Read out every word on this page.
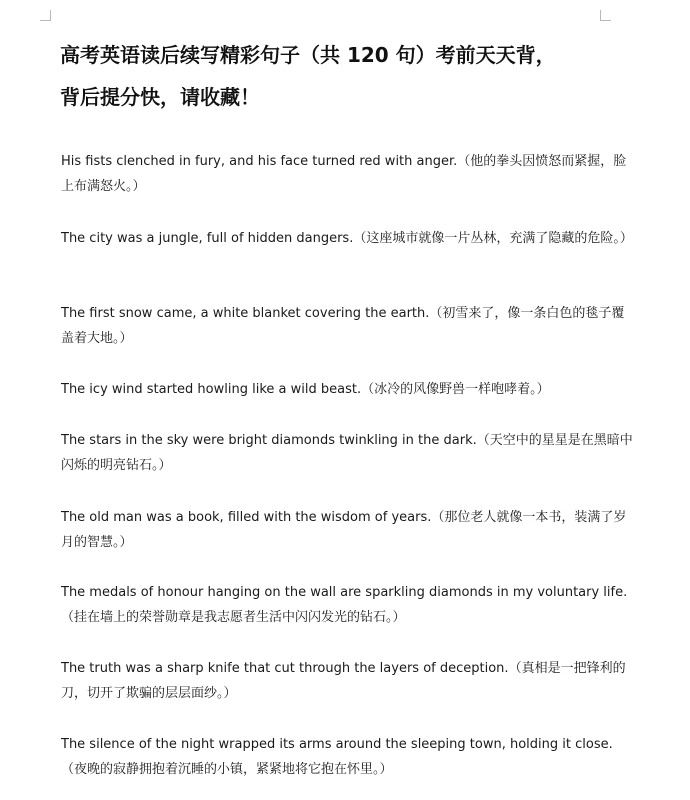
高考英语读后续写精彩句子（共 120 句）考前天天背，
背后提分快，请收藏！

His fists clenched in fury, and his face turned red with anger.（他的拳头因愤怒而紧握，脸上布满怒火。）

The city was a jungle, full of hidden dangers.（这座城市就像一片丛林，充满了隐藏的危险。）

The first snow came, a white blanket covering the earth.（初雪来了，像一条白色的毯子覆盖着大地。）

The icy wind started howling like a wild beast.（冰冷的风像野兽一样咆哮着。）

The stars in the sky were bright diamonds twinkling in the dark.（天空中的星星是在黑暗中闪烁的明亮钻石。）

The old man was a book, filled with the wisdom of years.（那位老人就像一本书，装满了岁月的智慧。）

The medals of honour hanging on the wall are sparkling diamonds in my voluntary life.（挂在墙上的荣誉勋章是我志愿者生活中闪闪发光的钻石。）

The truth was a sharp knife that cut through the layers of deception.（真相是一把锋利的刀，切开了欺骗的层层面纱。）

The silence of the night wrapped its arms around the sleeping town, holding it close.（夜晚的寂静拥抱着沉睡的小镇，紧紧地将它抱在怀里。）
